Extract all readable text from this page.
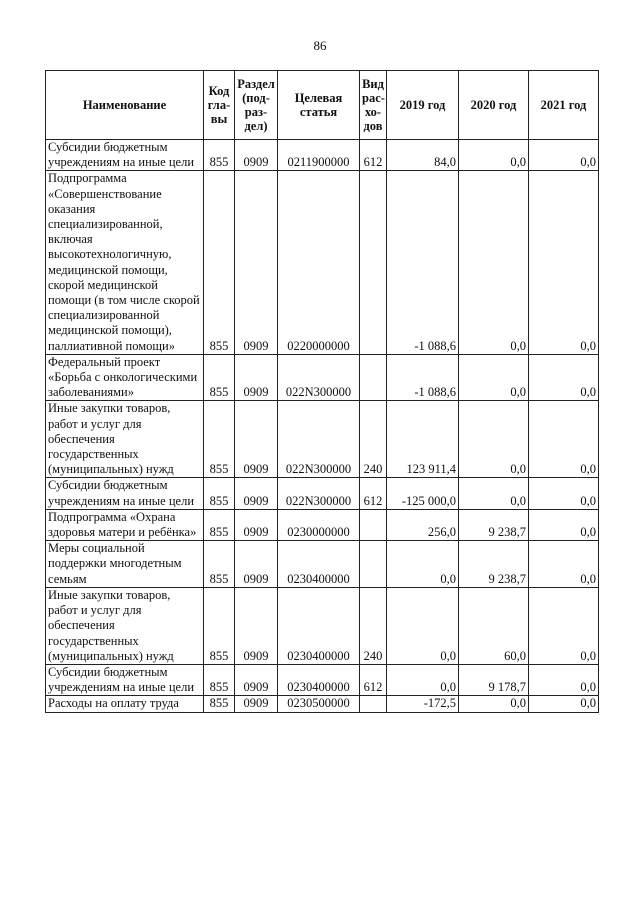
86
Наименование	Код гла-вы	Раздел (под-раз-дел)	Целевая статья	Вид рас-хо-дов	2019 год	2020 год	2021 год
Субсидии бюджетным учреждениям на иные цели	855	0909	0211900000	612	84,0	0,0	0,0
Подпрограмма «Совершенствование оказания специализированной, включая высокотехнологичную, медицинской помощи, скорой медицинской помощи (в том числе скорой специализированной медицинской помощи), паллиативной помощи»	855	0909	0220000000		-1 088,6	0,0	0,0
Федеральный проект «Борьба с онкологическими заболеваниями»	855	0909	022N300000		-1 088,6	0,0	0,0
Иные закупки товаров, работ и услуг для обеспечения государственных (муниципальных) нужд	855	0909	022N300000	240	123 911,4	0,0	0,0
Субсидии бюджетным учреждениям на иные цели	855	0909	022N300000	612	-125 000,0	0,0	0,0
Подпрограмма «Охрана здоровья матери и ребёнка»	855	0909	0230000000		256,0	9 238,7	0,0
Меры социальной поддержки многодетным семьям	855	0909	0230400000		0,0	9 238,7	0,0
Иные закупки товаров, работ и услуг для обеспечения государственных (муниципальных) нужд	855	0909	0230400000	240	0,0	60,0	0,0
Субсидии бюджетным учреждениям на иные цели	855	0909	0230400000	612	0,0	9 178,7	0,0
Расходы на оплату труда	855	0909	0230500000		-172,5	0,0	0,0
